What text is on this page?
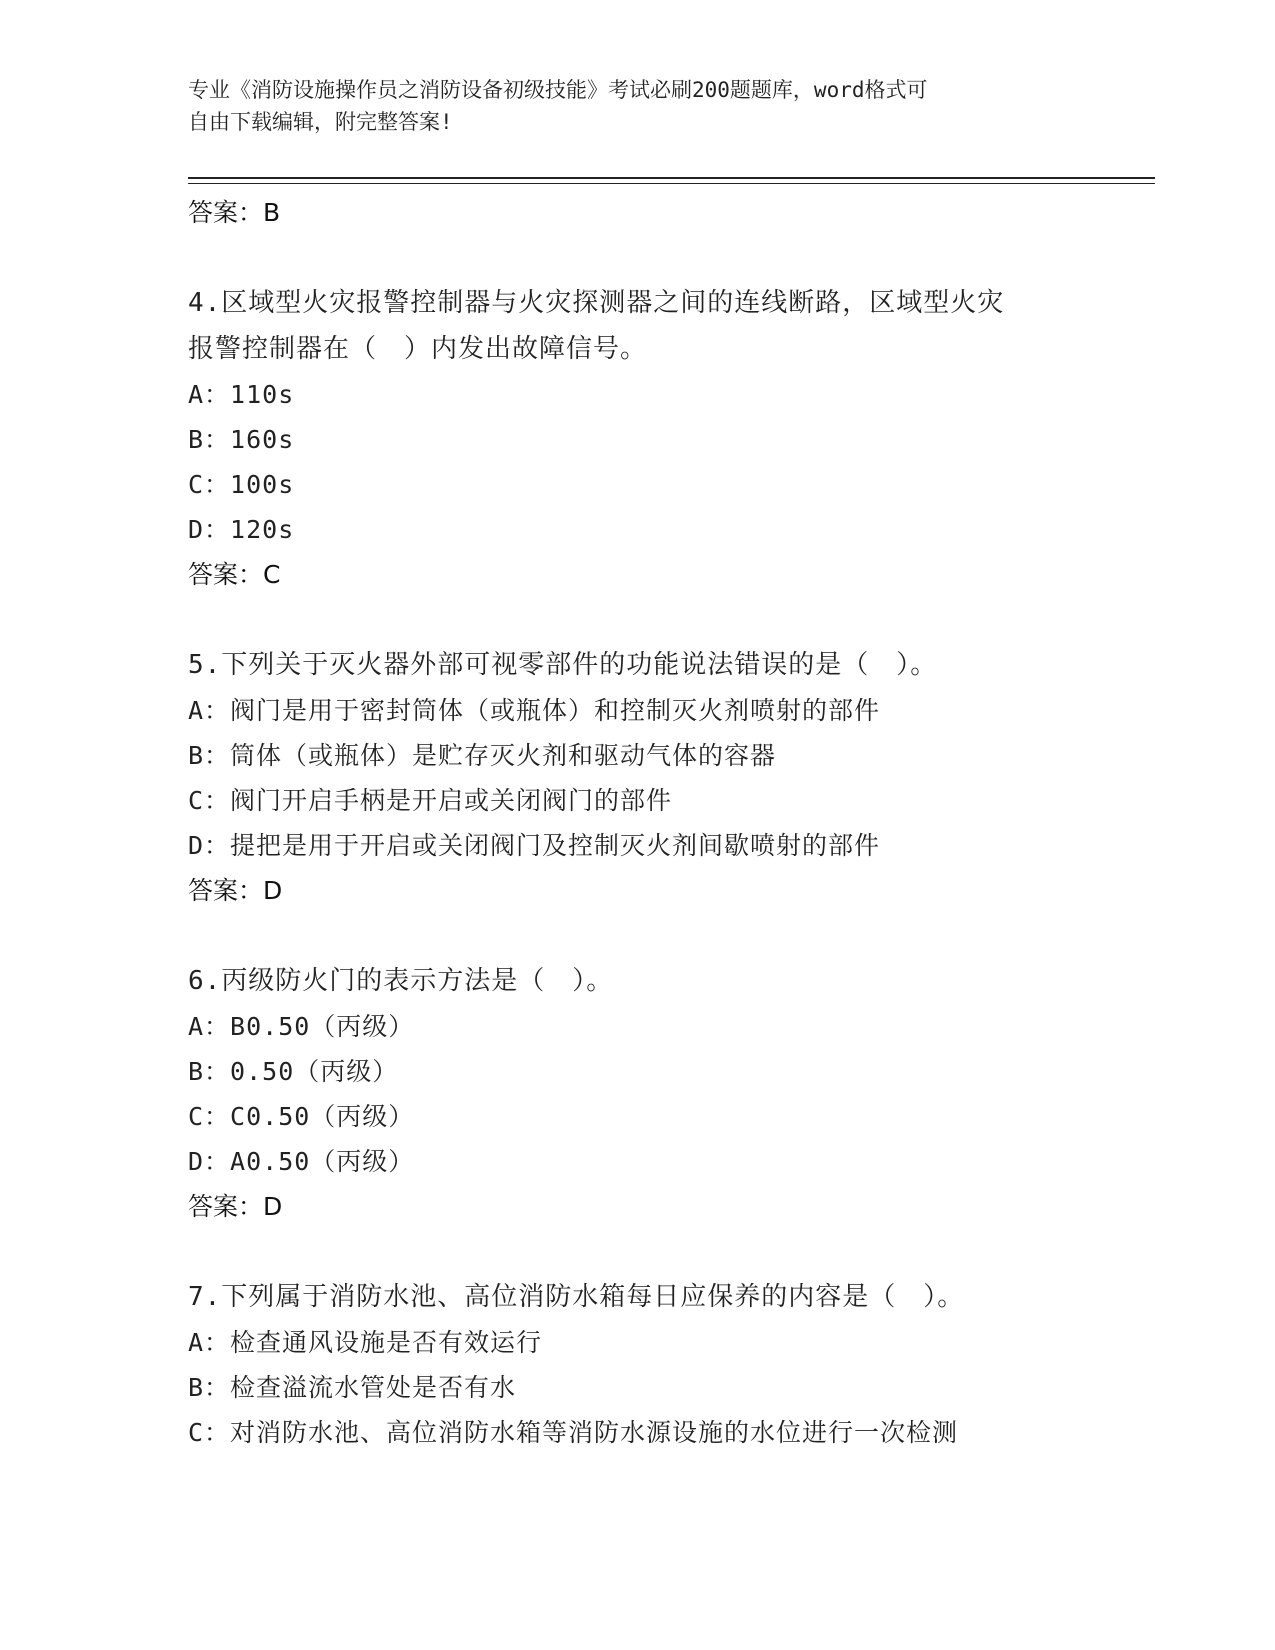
专业《消防设施操作员之消防设备初级技能》考试必刷200题题库，word格式可
自由下载编辑，附完整答案!
答案：B
4.区域型火灾报警控制器与火灾探测器之间的连线断路，区域型火灾
报警控制器在（　）内发出故障信号。
A：110s
B：160s
C：100s
D：120s
答案：C
5.下列关于灭火器外部可视零部件的功能说法错误的是（　）。
A：阀门是用于密封筒体（或瓶体）和控制灭火剂喷射的部件
B：筒体（或瓶体）是贮存灭火剂和驱动气体的容器
C：阀门开启手柄是开启或关闭阀门的部件
D：提把是用于开启或关闭阀门及控制灭火剂间歇喷射的部件
答案：D
6.丙级防火门的表示方法是（　）。
A：B0.50（丙级）
B：0.50（丙级）
C：C0.50（丙级）
D：A0.50（丙级）
答案：D
7.下列属于消防水池、高位消防水箱每日应保养的内容是（　）。
A：检查通风设施是否有效运行
B：检查溢流水管处是否有水
C：对消防水池、高位消防水箱等消防水源设施的水位进行一次检测
